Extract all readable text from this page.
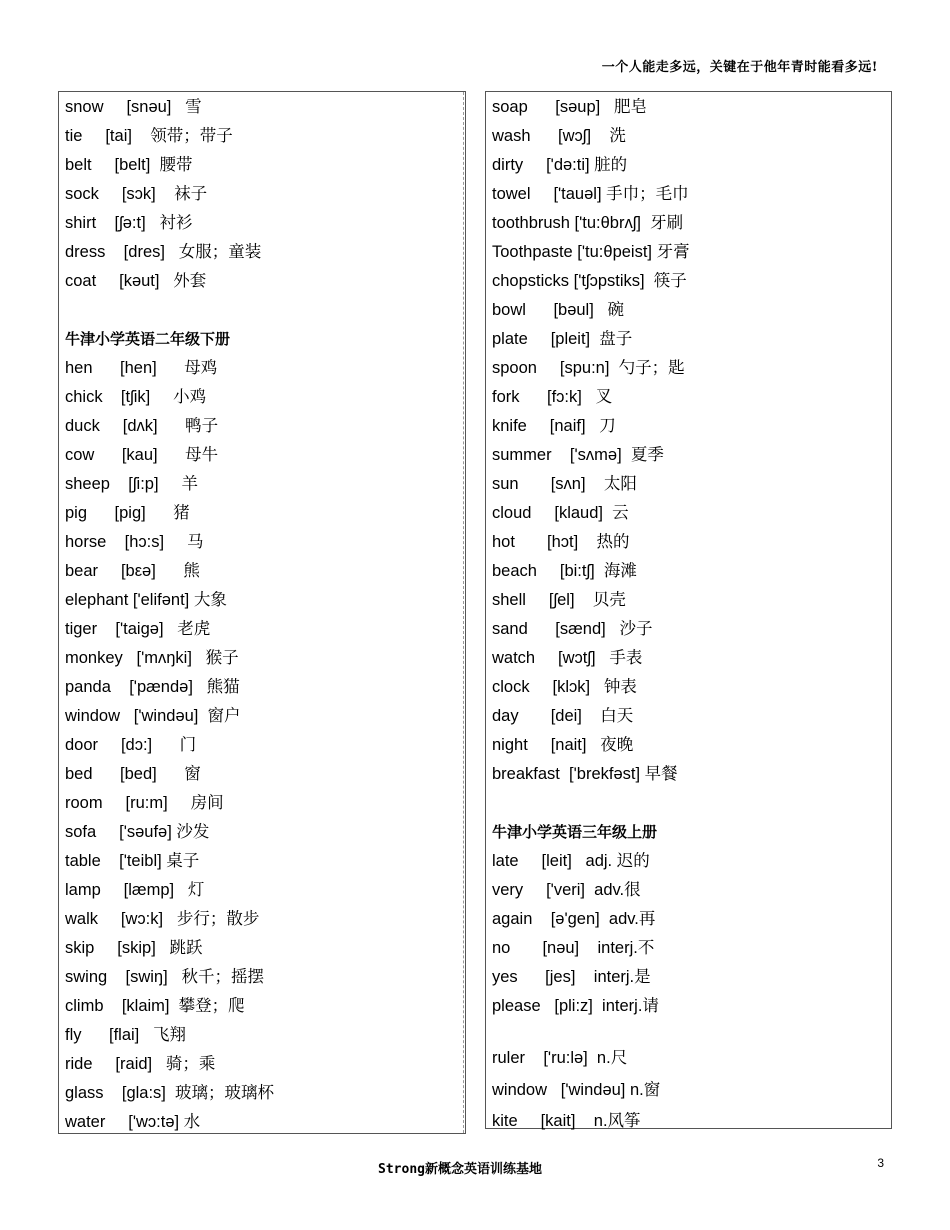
一个人能走多远，关键在于他年青时能看多远!
snow     [snəu]   雪
tie     [tai]    领带；带子
belt     [belt]  腰带
sock     [sɔk]    袜子
shirt    [ʃə:t]   衬衫
dress    [dres]   女服；童装
coat     [kəut]   外套
牛津小学英语二年级下册
hen      [hen]      母鸡
chick    [tʃik]     小鸡
duck     [dʌk]      鸭子
cow      [kau]      母牛
sheep    [ʃi:p]     羊
pig      [pig]      猪
horse    [hɔ:s]     马
bear     [bεə]      熊
elephant ['elifənt] 大象
tiger    ['taigə]   老虎
monkey   ['mʌŋki]   猴子
panda    ['pændə]   熊猫
window   ['windəu]  窗户
door     [dɔ:]      门
bed      [bed]      窗
room     [ru:m]     房间
sofa     ['səufə] 沙发
table    ['teibl] 桌子
lamp     [læmp]   灯
walk     [wɔ:k]   步行；散步
skip     [skip]   跳跃
swing    [swiŋ]   秋千；摇摆
climb    [klaim]  攀登；爬
fly      [flai]   飞翔
ride     [raid]   骑；乘
glass    [gla:s]  玻璃；玻璃杯
water     ['wɔ:tə] 水
soap      [səup]   肥皂
wash      [wɔʃ]    洗
dirty     ['də:ti] 脏的
towel     ['tauəl] 手巾；毛巾
toothbrush ['tu:θbrʌʃ]  牙刷
Toothpaste ['tu:θpeist] 牙膏
chopsticks ['tʃɔpstiks]  筷子
bowl      [bəul]   碗
plate     [pleit]  盘子
spoon     [spu:n]  勺子；匙
fork      [fɔ:k]   叉
knife     [naif]   刀
summer    ['sʌmə]  夏季
sun       [sʌn]    太阳
cloud     [klaud]  云
hot       [hɔt]    热的
beach     [bi:tʃ]  海滩
shell     [ʃel]    贝壳
sand      [sænd]   沙子
watch     [wɔtʃ]   手表
clock     [klɔk]   钟表
day       [dei]    白天
night     [nait]   夜晚
breakfast  ['brekfəst] 早餐
牛津小学英语三年级上册
late     [leit]   adj. 迟的
very     ['veri]  adv.很
again    [ə'gen]  adv.再
no       [nəu]    interj.不
yes      [jes]    interj.是
please   [pli:z]  interj.请
ruler    ['ru:lə]  n.尺
window   ['windəu] n.窗
kite     [kait]    n.风筝
Strong新概念英语训练基地	3
